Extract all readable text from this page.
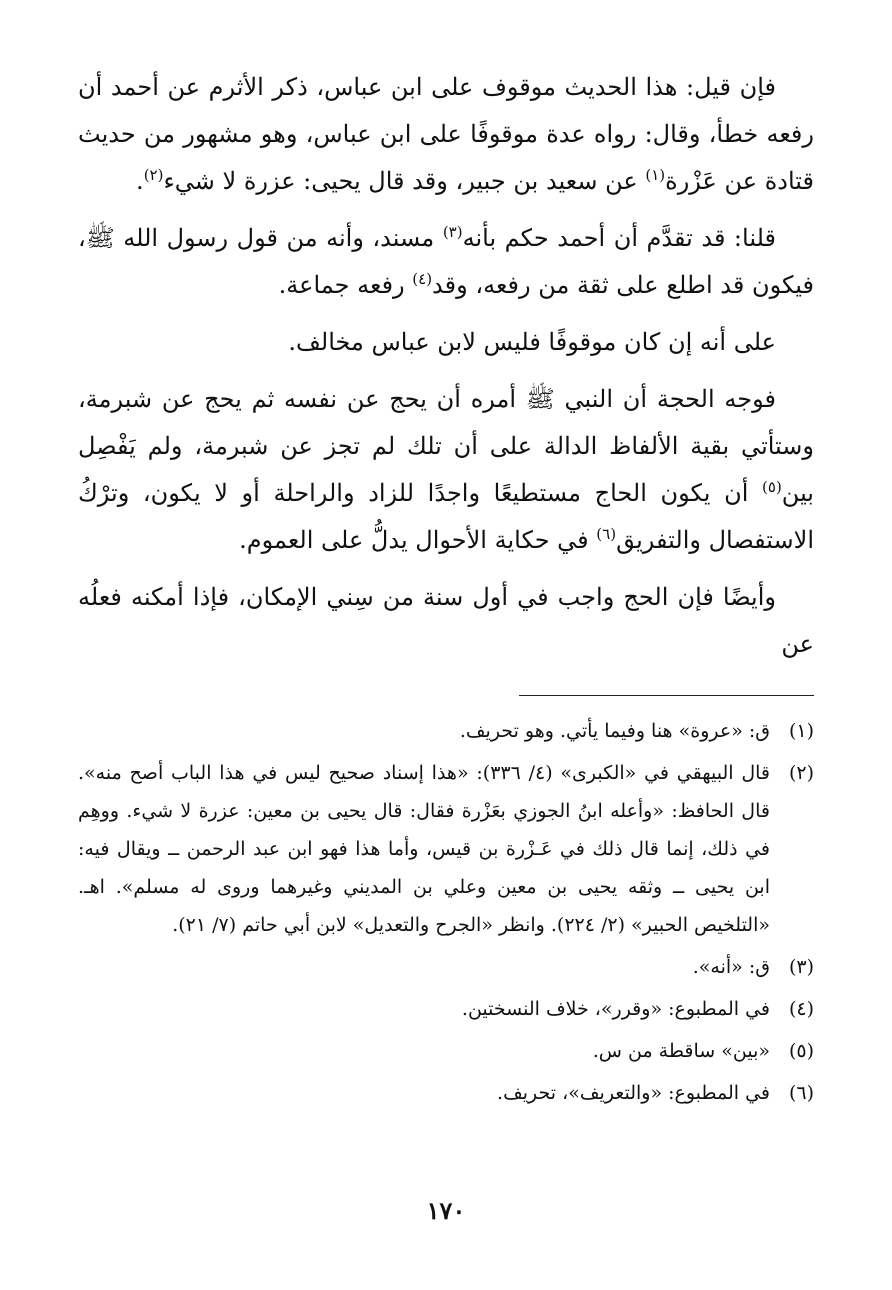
فإن قيل: هذا الحديث موقوف على ابن عباس، ذكر الأثرم عن أحمد أن رفعه خطأ، وقال: رواه عدة موقوفًا على ابن عباس، وهو مشهور من حديث قتادة عن عَزْرة$^{(١)}$ عن سعيد بن جبير، وقد قال يحيى: عزرة لا شيء$^{(٢)}$.

قلنا: قد تقدَّم أن أحمد حكم بأنه$^{(٣)}$ مسند، وأنه من قول رسول الله ﷺ، فيكون قد اطلع على ثقة من رفعه، وقد$^{(٤)}$ رفعه جماعة.

على أنه إن كان موقوفًا فليس لابن عباس مخالف.

فوجه الحجة أن النبي ﷺ أمره أن يحج عن نفسه ثم يحج عن شبرمة، وستأتي بقية الألفاظ الدالة على أن تلك لم تجز عن شبرمة، ولم يَفْصِل بين$^{(٥)}$ أن يكون الحاج مستطيعًا واجدًا للزاد والراحلة أو لا يكون، وترْكُ الاستفصال والتفريق$^{(٦)}$ في حكاية الأحوال يدلُّ على العموم.

وأيضًا فإن الحج واجب في أول سنة من سِني الإمكان، فإذا أمكنه فعلُه عن

(١)
ق: «عروة» هنا وفيما يأتي. وهو تحريف.
(٢)
قال البيهقي في «الكبرى» (٤/ ٣٣٦): «هذا إسناد صحيح ليس في هذا الباب أصح منه». قال الحافظ: «وأعله ابنُ الجوزي بعَزْرة فقال: قال يحيى بن معين: عزرة لا شيء. ووهِم في ذلك، إنما قال ذلك في عَـزْرة بن قيس، وأما هذا فهو ابن عبد الرحمن ــ ويقال فيه: ابن يحيى ــ وثقه يحيى بن معين وعلي بن المديني وغيرهما وروى له مسلم». اهـ. «التلخيص الحبير» (٢/ ٢٢٤). وانظر «الجرح والتعديل» لابن أبي حاتم (٧/ ٢١).
(٣)
ق: «أنه».
(٤)
في المطبوع: «وقرر»، خلاف النسختين.
(٥)
«بين» ساقطة من س.
(٦)
في المطبوع: «والتعريف»، تحريف.
١٧٠
